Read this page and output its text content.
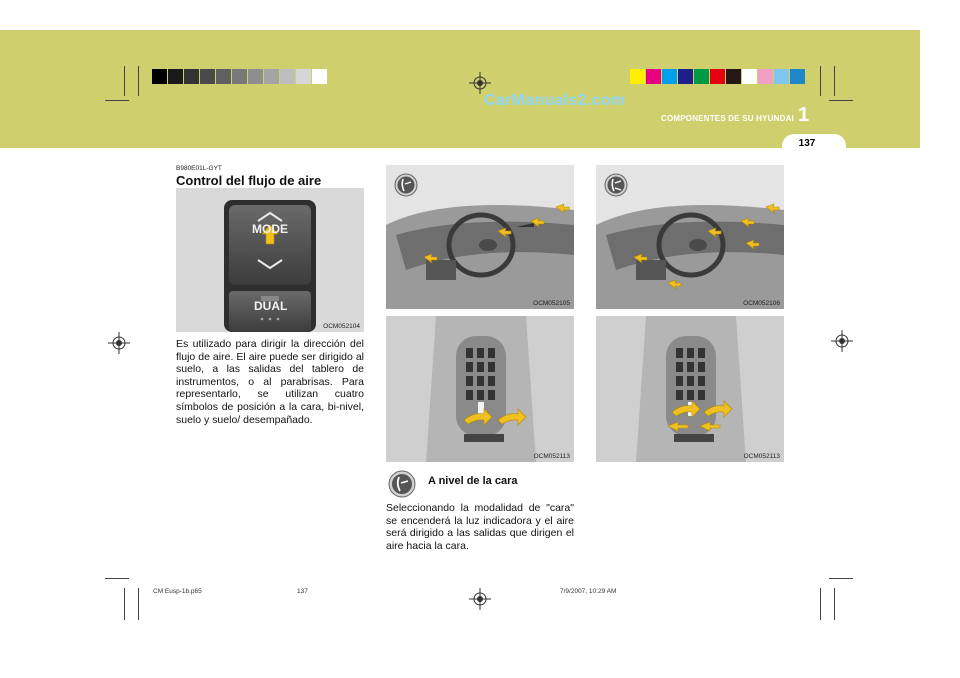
CarManuals2.com
COMPONENTES DE SU HYUNDAI 1
137
B980E01L-GYT
Control del flujo de aire
MODE
DUAL
OCM052104
Es utilizado para dirigir la dirección del flujo de aire. El aire puede ser dirigido al suelo, a las salidas del tablero de instrumentos, o al parabrisas. Para representarlo, se utilizan cuatro símbolos de posición a la cara, bi-nivel, suelo y suelo/ desempañado.
OCM052105
OCM052113
A nivel de la cara
Seleccionando la modalidad de "cara" se encenderá la luz indicadora y el aire será dirigido a las salidas que dirigen el aire hacia la cara.
OCM052106
OCM052113
CM Eusp-1b.p65	137	7/9/2007, 10:29 AM
